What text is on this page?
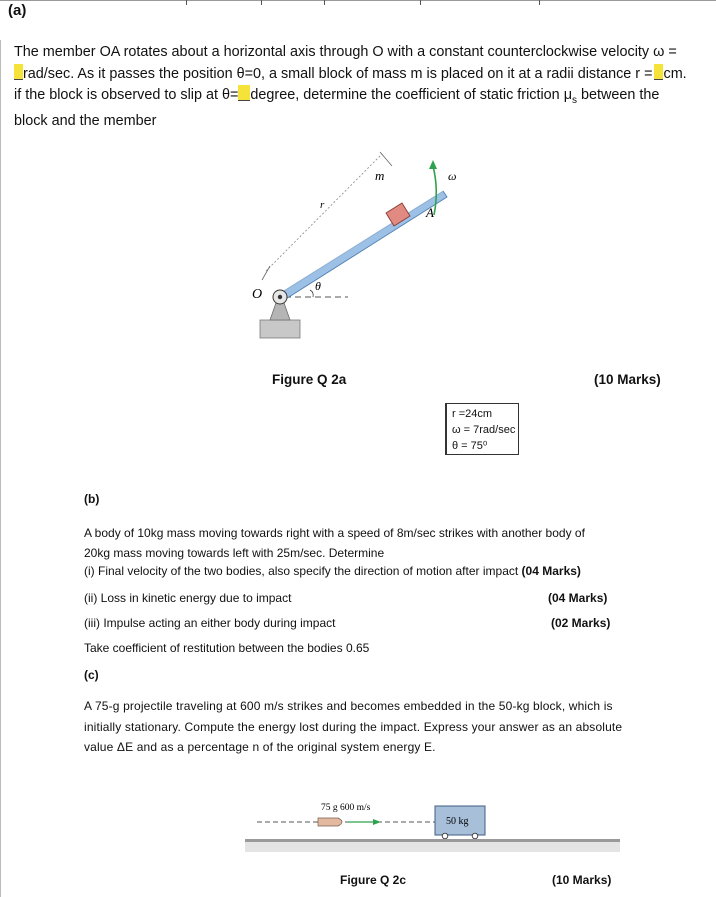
(a)
The member OA rotates about a horizontal axis through O with a constant counterclockwise velocity ω =
rad/sec. As it passes the position θ=0, a small block of mass m is placed on it at a radii distance r = cm.
if the block is observed to slip at θ= degree, determine the coefficient of static friction $\mu_s$ between the
block and the member
m	ω
A
r
O
θ
Figure Q 2a	(10 Marks)
r =24cm
ω = 7rad/sec
θ = 75⁰
(b)
A body of 10kg mass moving towards right with a speed of 8m/sec strikes with another body of
20kg mass moving towards left with 25m/sec. Determine
(i) Final velocity of the two bodies, also specify the direction of motion after impact (04 Marks)
(ii) Loss in kinetic energy due to impact	(04 Marks)
(iii) Impulse acting an either body during impact	(02 Marks)
Take coefficient of restitution between the bodies 0.65
(c)
A 75-g projectile traveling at 600 m/s strikes and becomes embedded in the 50-kg block, which is initially stationary. Compute the energy lost during the impact. Express your answer as an absolute value ΔE and as a percentage n of the original system energy E.
75 g 600 m/s
50 kg
Figure Q 2c	(10 Marks)
